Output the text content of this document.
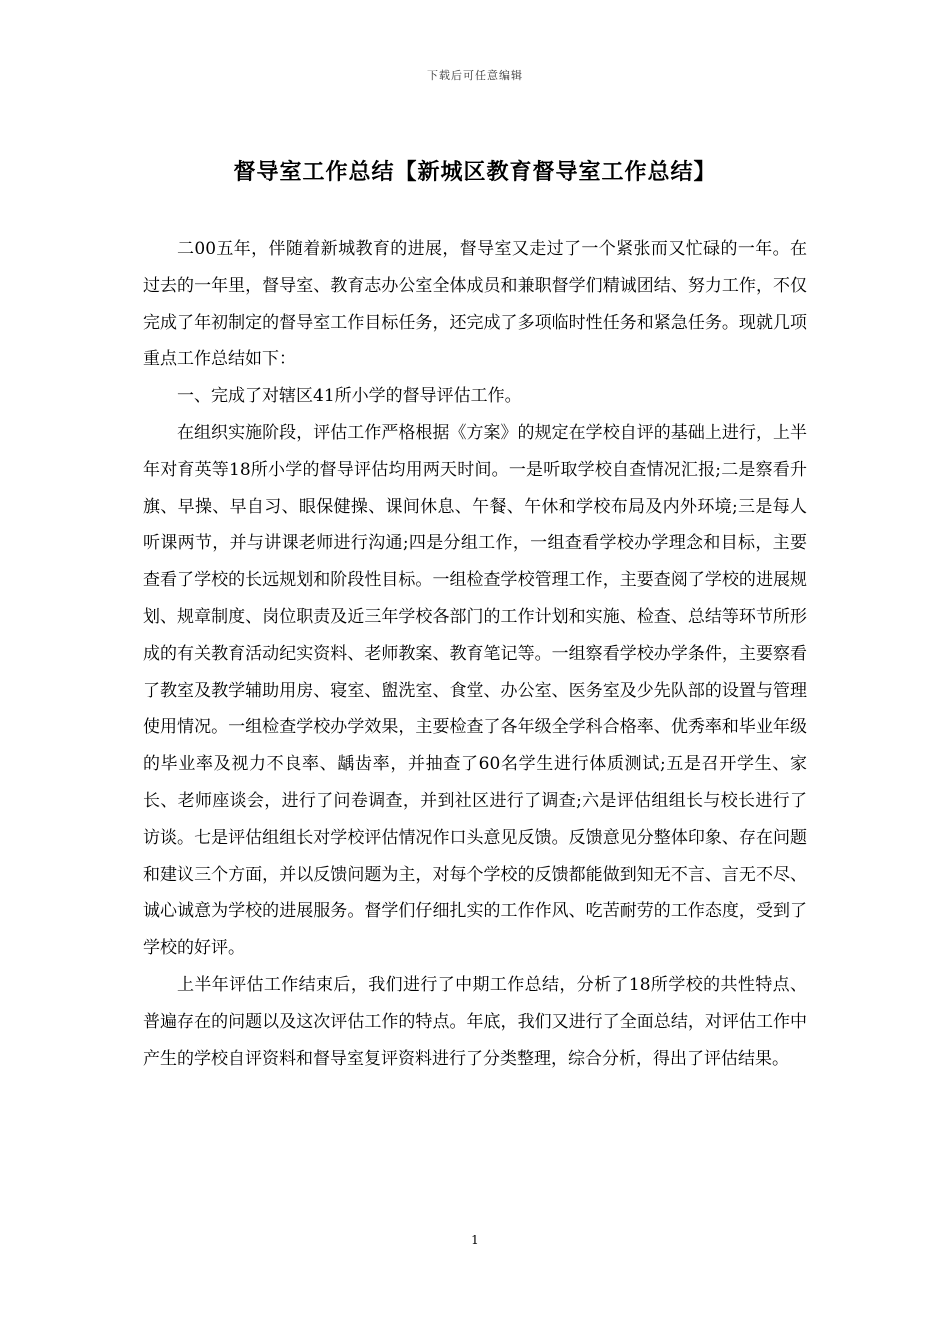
下载后可任意编辑
督导室工作总结【新城区教育督导室工作总结】

二00五年，伴随着新城教育的进展，督导室又走过了一个紧张而又忙碌的一年。在过去的一年里，督导室、教育志办公室全体成员和兼职督学们精诚团结、努力工作，不仅完成了年初制定的督导室工作目标任务，还完成了多项临时性任务和紧急任务。现就几项重点工作总结如下：

一、完成了对辖区41所小学的督导评估工作。

在组织实施阶段，评估工作严格根据《方案》的规定在学校自评的基础上进行，上半年对育英等18所小学的督导评估均用两天时间。一是听取学校自查情况汇报;二是察看升旗、早操、早自习、眼保健操、课间休息、午餐、午休和学校布局及内外环境;三是每人听课两节，并与讲课老师进行沟通;四是分组工作，一组查看学校办学理念和目标，主要查看了学校的长远规划和阶段性目标。一组检查学校管理工作，主要查阅了学校的进展规划、规章制度、岗位职责及近三年学校各部门的工作计划和实施、检查、总结等环节所形成的有关教育活动纪实资料、老师教案、教育笔记等。一组察看学校办学条件，主要察看了教室及教学辅助用房、寝室、盥洗室、食堂、办公室、医务室及少先队部的设置与管理使用情况。一组检查学校办学效果，主要检查了各年级全学科合格率、优秀率和毕业年级的毕业率及视力不良率、龋齿率，并抽查了60名学生进行体质测试;五是召开学生、家长、老师座谈会，进行了问卷调查，并到社区进行了调查;六是评估组组长与校长进行了访谈。七是评估组组长对学校评估情况作口头意见反馈。反馈意见分整体印象、存在问题和建议三个方面，并以反馈问题为主，对每个学校的反馈都能做到知无不言、言无不尽、诚心诚意为学校的进展服务。督学们仔细扎实的工作作风、吃苦耐劳的工作态度，受到了学校的好评。

上半年评估工作结束后，我们进行了中期工作总结，分析了18所学校的共性特点、普遍存在的问题以及这次评估工作的特点。年底，我们又进行了全面总结，对评估工作中产生的学校自评资料和督导室复评资料进行了分类整理，综合分析，得出了评估结果。

1
